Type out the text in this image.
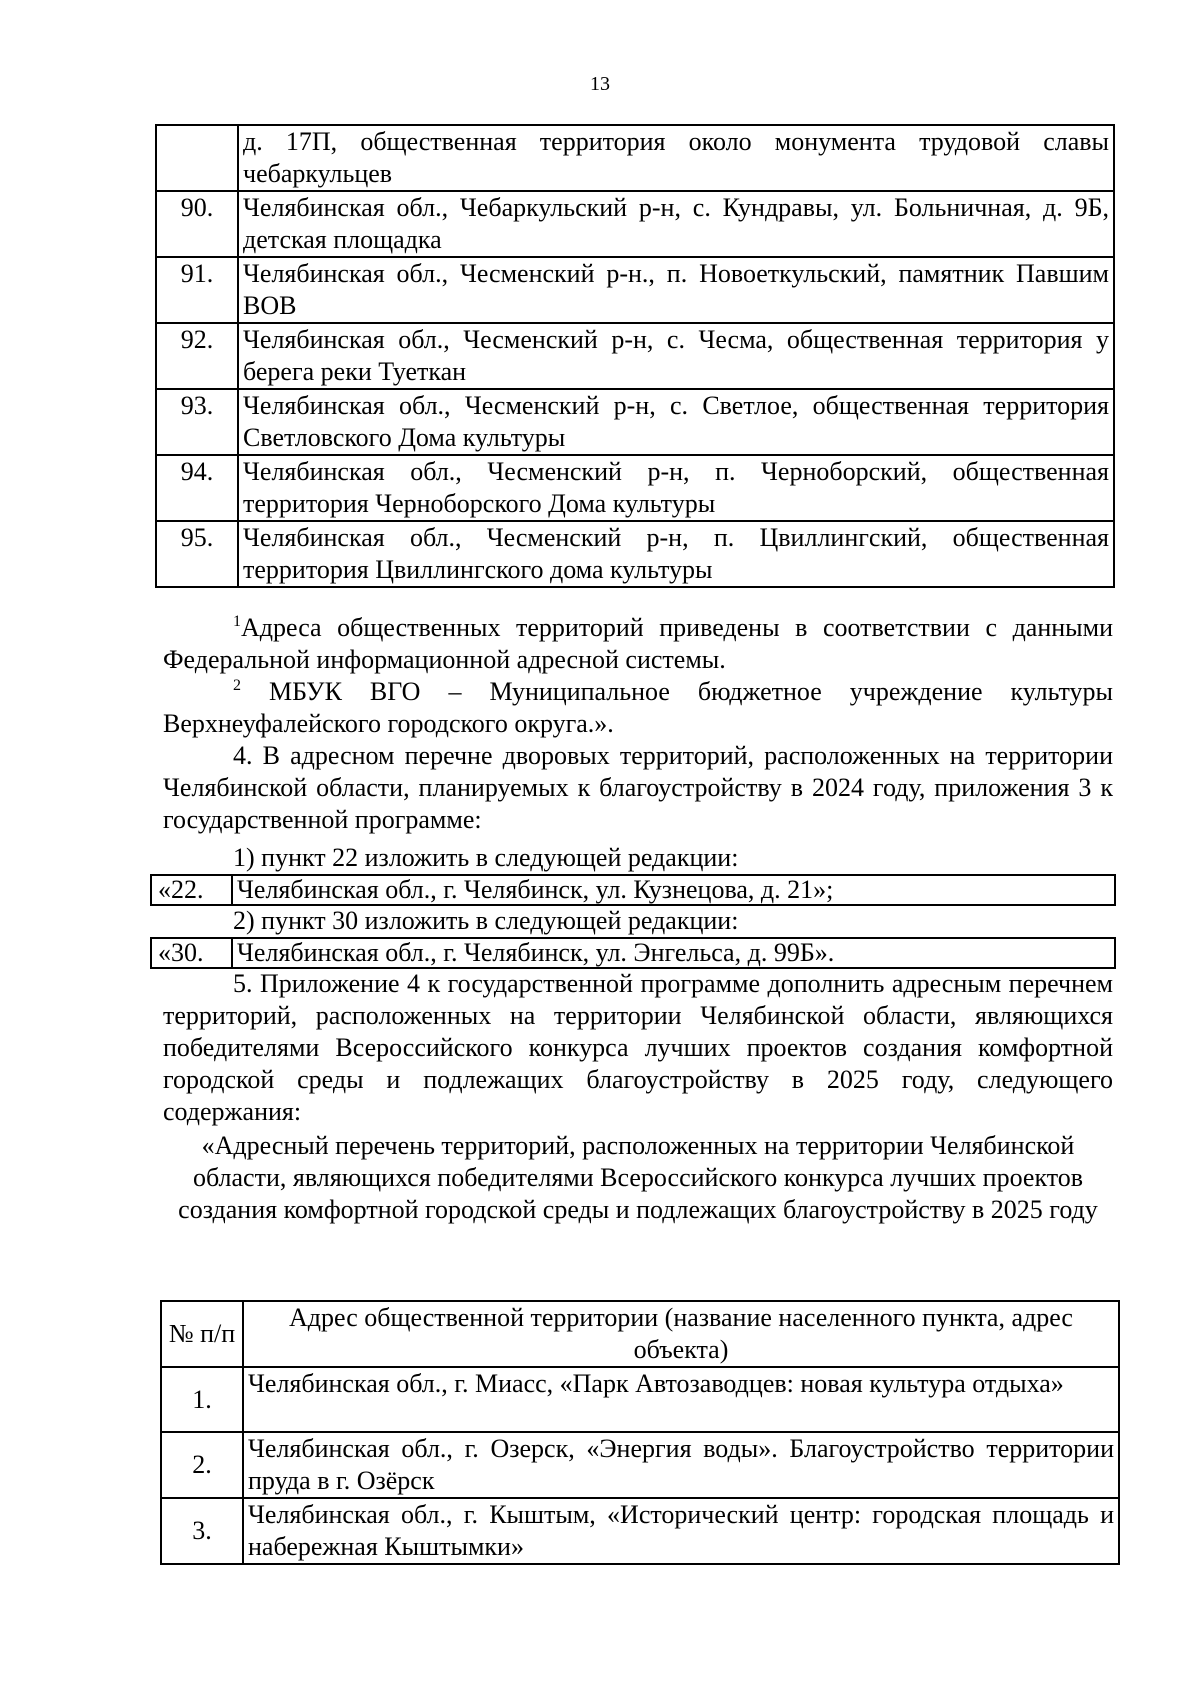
13
	д. 17П, общественная территория около монумента трудовой славы чебаркульцев
90.	Челябинская обл., Чебаркульский р-н, с. Кундравы, ул. Больничная, д. 9Б, детская площадка
91.	Челябинская обл., Чесменский р-н., п. Новоеткульский, памятник Павшим ВОВ
92.	Челябинская обл., Чесменский р-н, с. Чесма, общественная территория у берега реки Туеткан
93.	Челябинская обл., Чесменский р-н, с. Светлое, общественная территория Светловского Дома культуры
94.	Челябинская обл., Чесменский р-н, п. Черноборский, общественная территория Черноборского Дома культуры
95.	Челябинская обл., Чесменский р-н, п. Цвиллингский, общественная территория Цвиллингского дома культуры
$^1$Адреса общественных территорий приведены в соответствии с данными Федеральной информационной адресной системы.
$^2$ МБУК ВГО – Муниципальное бюджетное учреждение культуры Верхнеуфалейского городского округа.».
4. В адресном перечне дворовых территорий, расположенных на территории Челябинской области, планируемых к благоустройству в 2024 году, приложения 3 к государственной программе:
1) пункт 22 изложить в следующей редакции:
«22.	Челябинская обл., г. Челябинск, ул. Кузнецова, д. 21»;
2) пункт 30 изложить в следующей редакции:
«30.	Челябинская обл., г. Челябинск, ул. Энгельса, д. 99Б».
5. Приложение 4 к государственной программе дополнить адресным перечнем территорий, расположенных на территории Челябинской области, являющихся победителями Всероссийского конкурса лучших проектов создания комфортной городской среды и подлежащих благоустройству в 2025 году, следующего содержания:
«Адресный перечень территорий, расположенных на территории Челябинской области, являющихся победителями Всероссийского конкурса лучших проектов создания комфортной городской среды и подлежащих благоустройству в 2025 году
№ п/п	Адрес общественной территории (название населенного пункта, адрес объекта)
1.	Челябинская обл., г. Миасс, «Парк Автозаводцев: новая культура отдыха»
2.	Челябинская обл., г. Озерск, «Энергия воды». Благоустройство территории пруда в г. Озёрск
3.	Челябинская обл., г. Кыштым, «Исторический центр: городская площадь и набережная Кыштымки»
